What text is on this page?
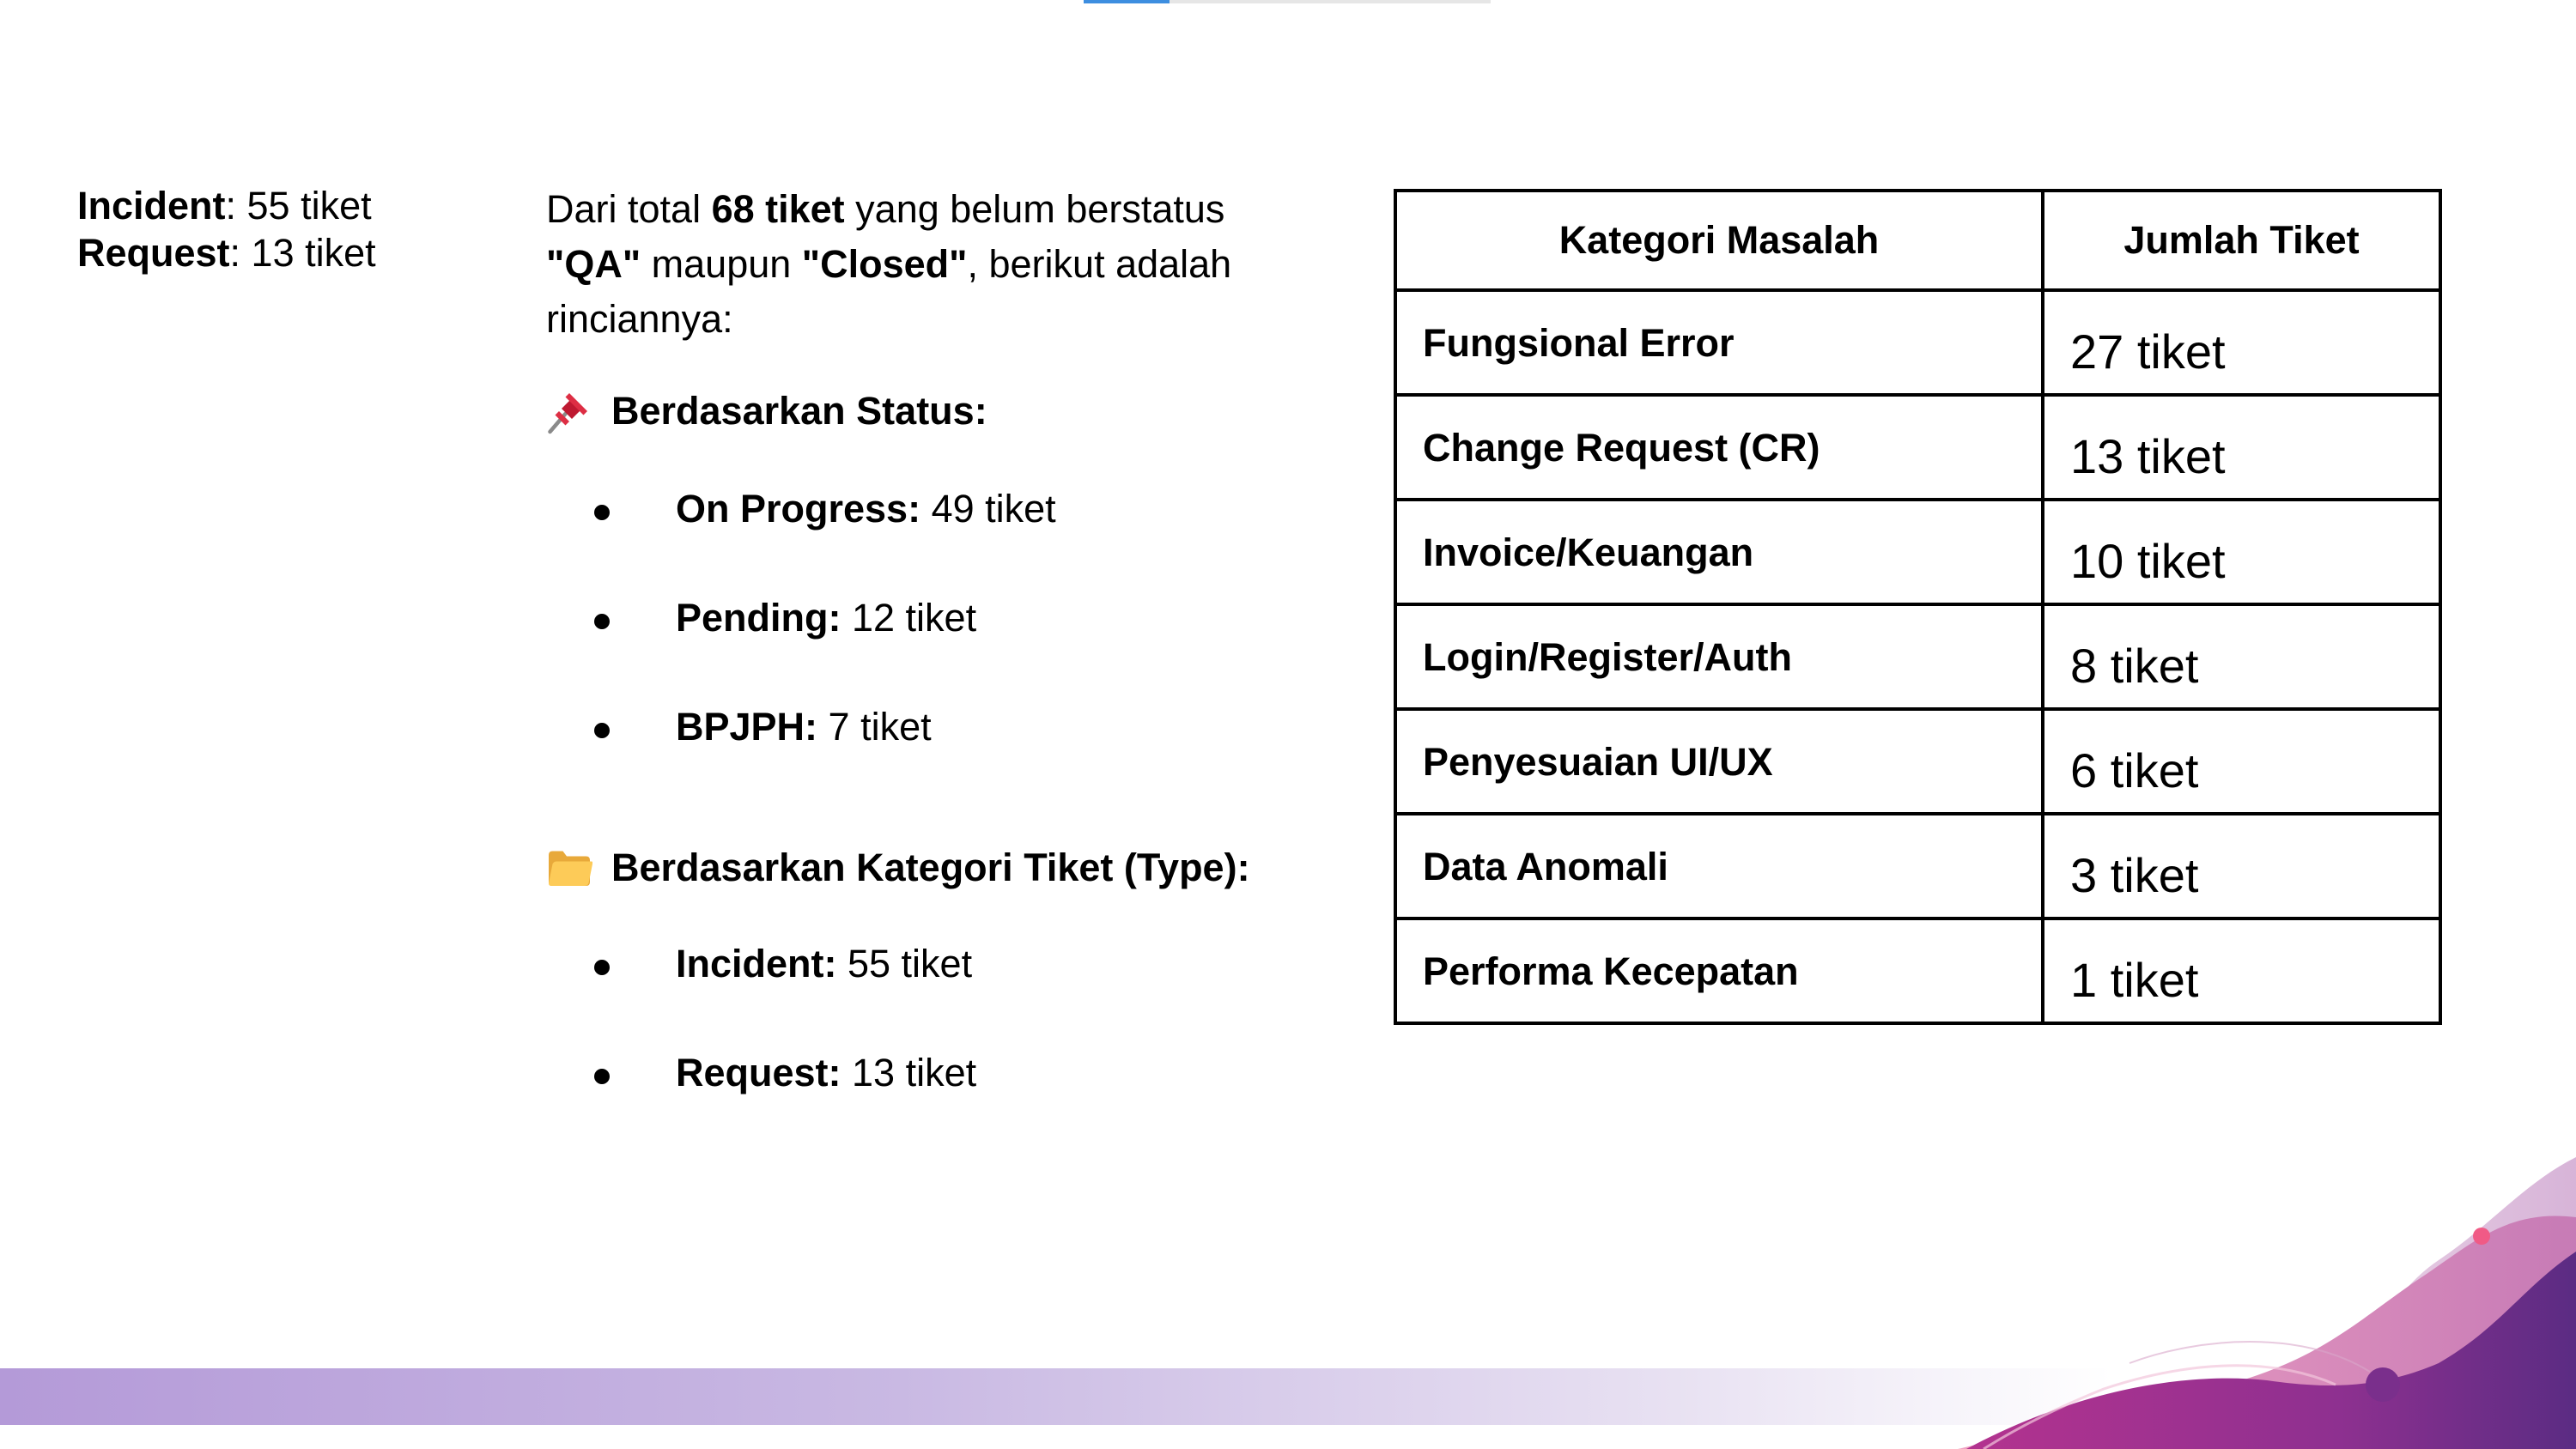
Incident: 55 tiket
Request: 13 tiket

Dari total 68 tiket yang belum berstatus "QA" maupun "Closed", berikut adalah rinciannya:

Berdasarkan Status:
On Progress: 49 tiket
Pending: 12 tiket
BPJPH: 7 tiket
Berdasarkan Kategori Tiket (Type):
Incident: 55 tiket
Request: 13 tiket
Kategori Masalah	Jumlah Tiket
Fungsional Error	27 tiket
Change Request (CR)	13 tiket
Invoice/Keuangan	10 tiket
Login/Register/Auth	8 tiket
Penyesuaian UI/UX	6 tiket
Data Anomali	3 tiket
Performa Kecepatan	1 tiket
